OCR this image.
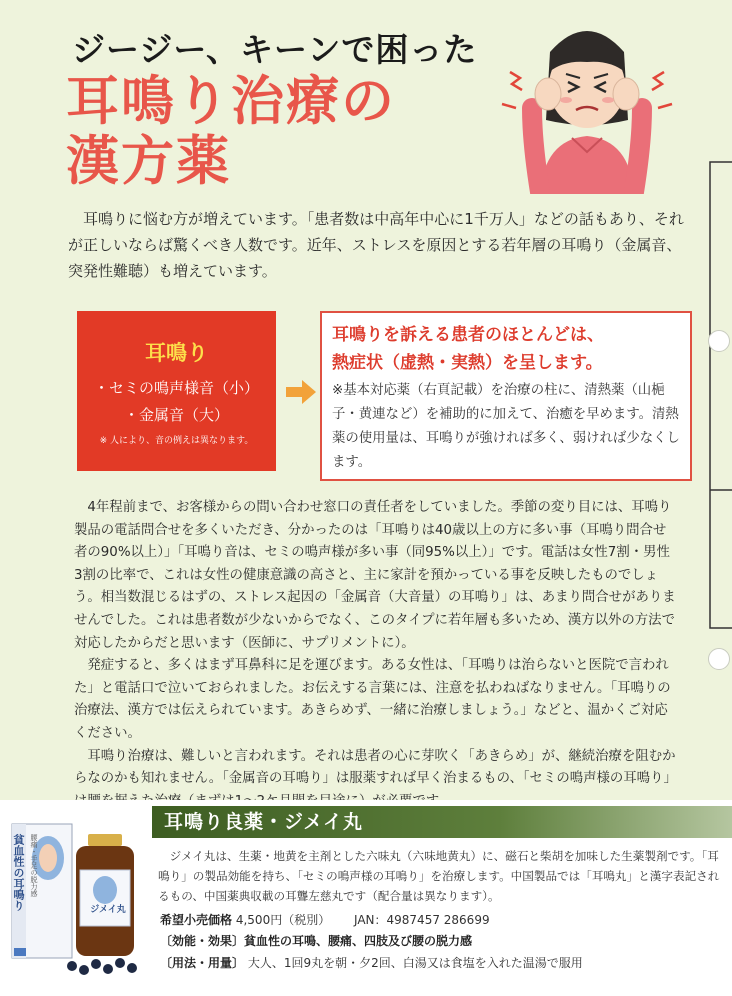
ジージー、キーンで困った
耳鳴り治療の
漢方薬

耳鳴りに悩む方が増えています。「患者数は中高年中心に1千万人」などの話もあり、それが正しいならば驚くべき人数です。近年、ストレスを原因とする若年層の耳鳴り（金属音、突発性難聴）も増えています。

耳鳴り
・セミの鳴声様音（小）
・金属音（大）
※ 人により、音の例えは異なります。
耳鳴りを訴える患者のほとんどは、
熱症状（虚熱・実熱）を呈します。
※基本対応薬（右頁記載）を治療の柱に、清熱薬（山梔子・黄連など）を補助的に加えて、治癒を早めます。清熱薬の使用量は、耳鳴りが強ければ多く、弱ければ少なくします。

4年程前まで、お客様からの問い合わせ窓口の責任者をしていました。季節の変り目には、耳鳴り製品の電話問合せを多くいただき、分かったのは「耳鳴りは40歳以上の方に多い事（耳鳴り問合せ者の90%以上）」「耳鳴り音は、セミの鳴声様が多い事（同95%以上）」です。電話は女性7割・男性3割の比率で、これは女性の健康意識の高さと、主に家計を預かっている事を反映したものでしょう。相当数混じるはずの、ストレス起因の「金属音（大音量）の耳鳴り」は、あまり問合せがありませんでした。これは患者数が少ないからでなく、このタイプに若年層も多いため、漢方以外の方法で対応したからだと思います（医師に、サプリメントに）。

発症すると、多くはまず耳鼻科に足を運びます。ある女性は、「耳鳴りは治らないと医院で言われた」と電話口で泣いておられました。お伝えする言葉には、注意を払わねばなりません。「耳鳴りの治療法、漢方では伝えられています。あきらめず、一緒に治療しましょう。」などと、温かくご対応ください。

耳鳴り治療は、難しいと言われます。それは患者の心に芽吹く「あきらめ」が、継続治療を阻むからなのかも知れません。「金属音の耳鳴り」は服薬すれば早く治まるもの、「セミの鳴声様の耳鳴り」

貧血性の耳鳴り 腰痛・手足の脱力感
ジメイ丸
耳鳴り良薬・ジメイ丸

ジメイ丸は、生薬・地黄を主剤とした六味丸（六味地黄丸）に、磁石と柴胡を加味した生薬製剤です。「耳鳴り」の製品効能を持ち、「セミの鳴声様の耳鳴り」を治療します。中国製品では「耳鳴丸」と漢字表記されるもの、中国薬典収載の耳聾左慈丸です（配合量は異なります）。

希望小売価格 4,500円（税別） JAN：4987457 286699
〔効能・効果〕貧血性の耳鳴、腰痛、四肢及び腰の脱力感
〔用法・用量〕 大人、1回9丸を朝・夕2回、白湯又は食塩を入れた温湯で服用
